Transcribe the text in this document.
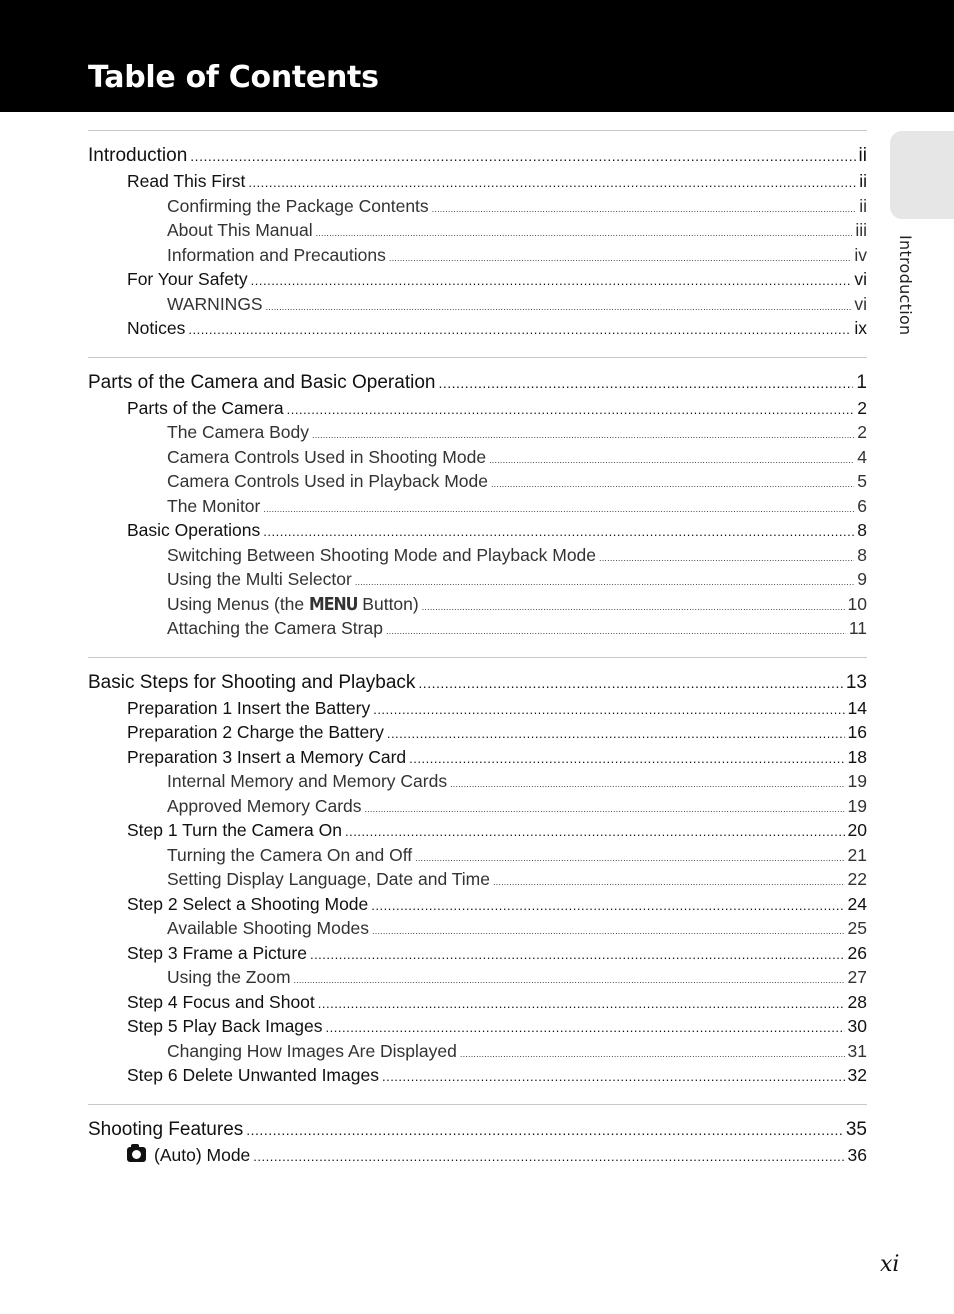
Table of Contents
Introduction
Introduction .....	ii
Read This First .....	ii
Confirming the Package Contents .....	ii
About This Manual .....	iii
Information and Precautions .....	iv
For Your Safety .....	vi
WARNINGS .....	vi
Notices .....	ix
Parts of the Camera and Basic Operation .....	1
Parts of the Camera .....	2
The Camera Body .....	2
Camera Controls Used in Shooting Mode .....	4
Camera Controls Used in Playback Mode .....	5
The Monitor .....	6
Basic Operations .....	8
Switching Between Shooting Mode and Playback Mode .....	8
Using the Multi Selector .....	9
Using Menus (the MENU Button) .....	10
Attaching the Camera Strap .....	11
Basic Steps for Shooting and Playback .....	13
Preparation 1 Insert the Battery .....	14
Preparation 2 Charge the Battery .....	16
Preparation 3 Insert a Memory Card .....	18
Internal Memory and Memory Cards .....	19
Approved Memory Cards .....	19
Step 1 Turn the Camera On .....	20
Turning the Camera On and Off .....	21
Setting Display Language, Date and Time .....	22
Step 2 Select a Shooting Mode .....	24
Available Shooting Modes .....	25
Step 3 Frame a Picture .....	26
Using the Zoom .....	27
Step 4 Focus and Shoot .....	28
Step 5 Play Back Images .....	30
Changing How Images Are Displayed .....	31
Step 6 Delete Unwanted Images .....	32
Shooting Features .....	35
(Auto) Mode .....	36
xi
